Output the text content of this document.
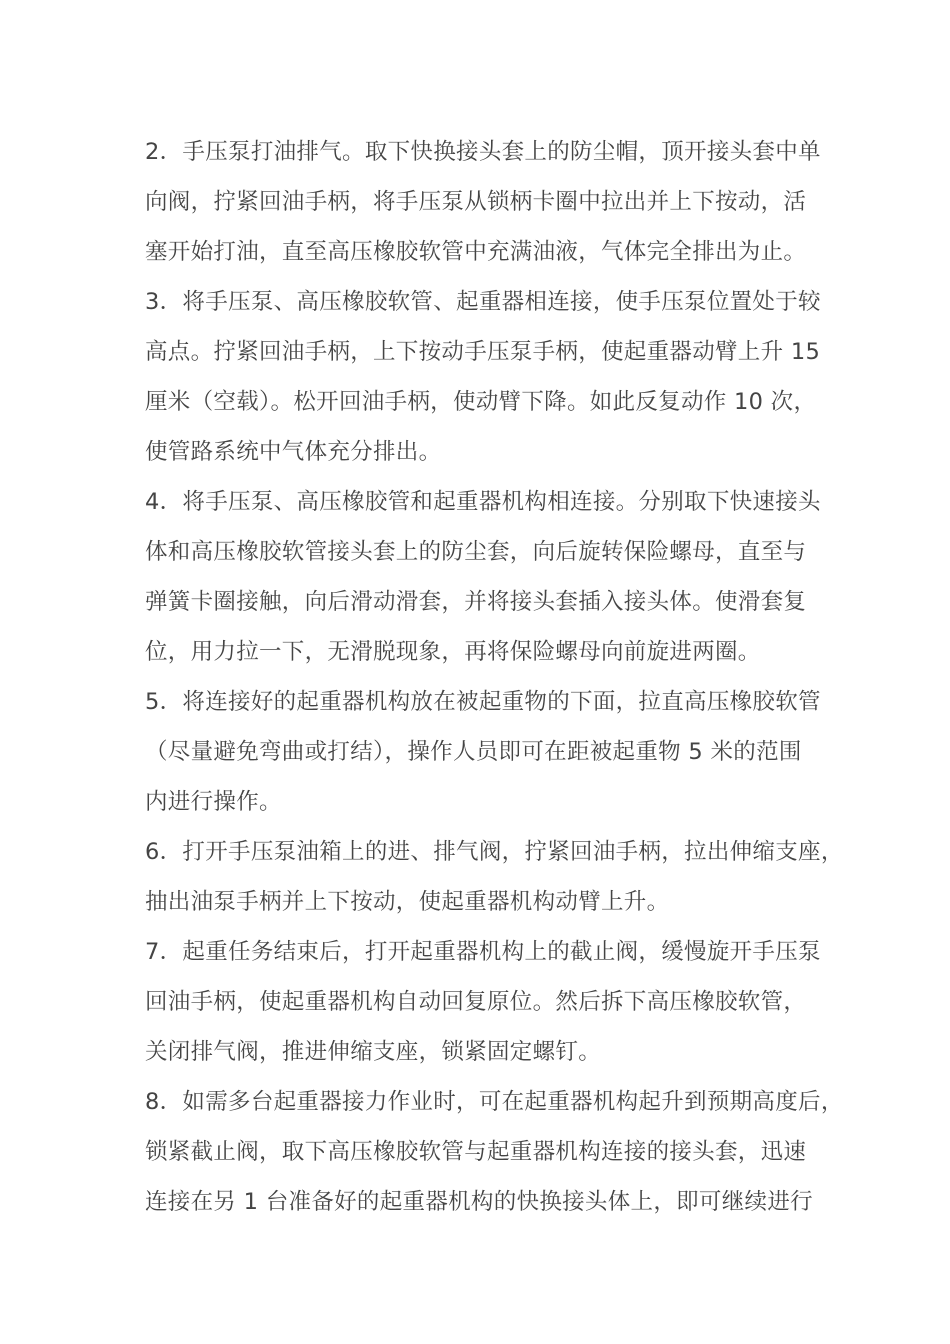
2．手压泵打油排气。取下快换接头套上的防尘帽，顶开接头套中单
向阀，拧紧回油手柄，将手压泵从锁柄卡圈中拉出并上下按动，活
塞开始打油，直至高压橡胶软管中充满油液，气体完全排出为止。
3．将手压泵、高压橡胶软管、起重器相连接，使手压泵位置处于较
高点。拧紧回油手柄，上下按动手压泵手柄，使起重器动臂上升 15
厘米（空载）。松开回油手柄，使动臂下降。如此反复动作 10 次，
使管路系统中气体充分排出。
4．将手压泵、高压橡胶管和起重器机构相连接。分别取下快速接头
体和高压橡胶软管接头套上的防尘套，向后旋转保险螺母，直至与
弹簧卡圈接触，向后滑动滑套，并将接头套插入接头体。使滑套复
位，用力拉一下，无滑脱现象，再将保险螺母向前旋进两圈。
5．将连接好的起重器机构放在被起重物的下面，拉直高压橡胶软管
（尽量避免弯曲或打结），操作人员即可在距被起重物 5 米的范围
内进行操作。
6．打开手压泵油箱上的进、排气阀，拧紧回油手柄，拉出伸缩支座，
抽出油泵手柄并上下按动，使起重器机构动臂上升。
7．起重任务结束后，打开起重器机构上的截止阀，缓慢旋开手压泵
回油手柄，使起重器机构自动回复原位。然后拆下高压橡胶软管，
关闭排气阀，推进伸缩支座，锁紧固定螺钉。
8．如需多台起重器接力作业时，可在起重器机构起升到预期高度后，
锁紧截止阀，取下高压橡胶软管与起重器机构连接的接头套，迅速
连接在另 1 台准备好的起重器机构的快换接头体上，即可继续进行
